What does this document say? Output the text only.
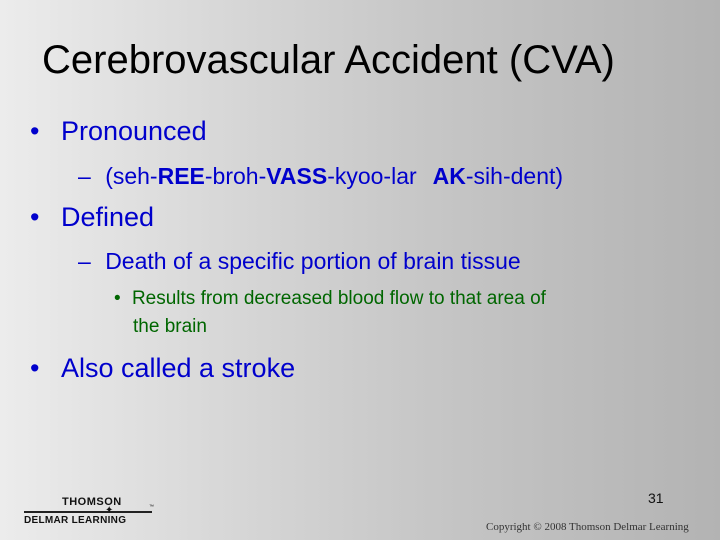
Cerebrovascular Accident (CVA)
• Pronounced
– (seh-REE-broh-VASS-kyoo-lar AK-sih-dent)
• Defined
– Death of a specific portion of brain tissue
• Results from decreased blood flow to that area of
the brain
• Also called a stroke
31
THOMSON
✦
DELMAR LEARNING
™
Copyright © 2008 Thomson Delmar Learning
